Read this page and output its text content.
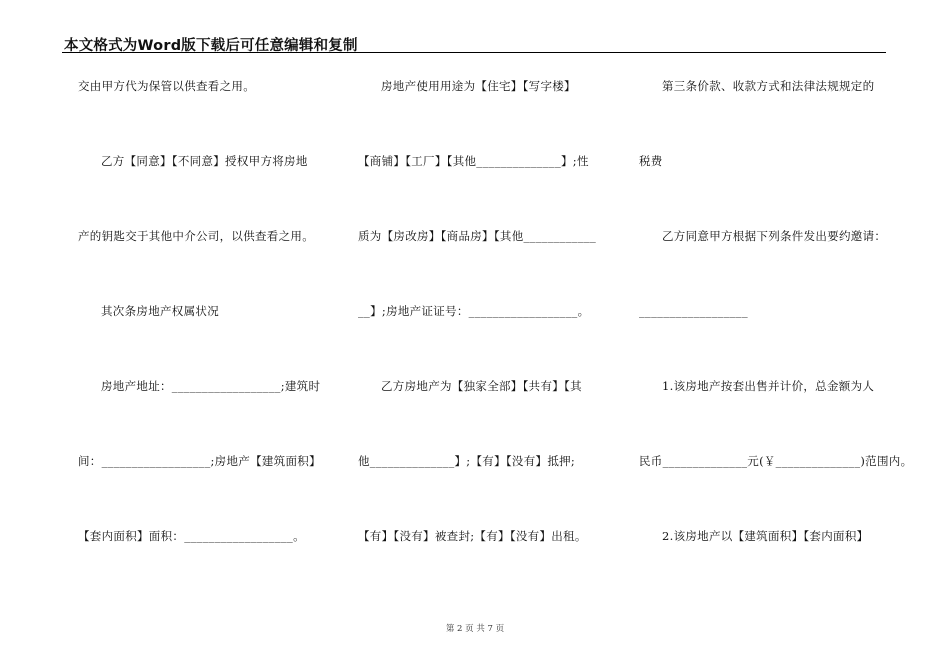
本文格式为Word版下载后可任意编辑和复制
交由甲方代为保管以供查看之用。
乙方【同意】【不同意】授权甲方将房地
产的钥匙交于其他中介公司，以供查看之用。
其次条房地产权属状况
房地产地址：__________________;建筑时
间：__________________;房地产【建筑面积】
【套内面积】面积：__________________。
房地产使用用途为【住宅】【写字楼】
【商铺】【工厂】【其他______________】;性
质为【房改房】【商品房】【其他____________
__】;房地产证证号：__________________。
乙方房地产为【独家全部】【共有】【其
他______________】;【有】【没有】抵押;
【有】【没有】被查封;【有】【没有】出租。
第三条价款、收款方式和法律法规规定的
税费
乙方同意甲方根据下列条件发出要约邀请：
__________________
1.该房地产按套出售并计价，总金额为人
民币______________元(￥______________)范围内。
2.该房地产以【建筑面积】【套内面积】
第 2 页 共 7 页
